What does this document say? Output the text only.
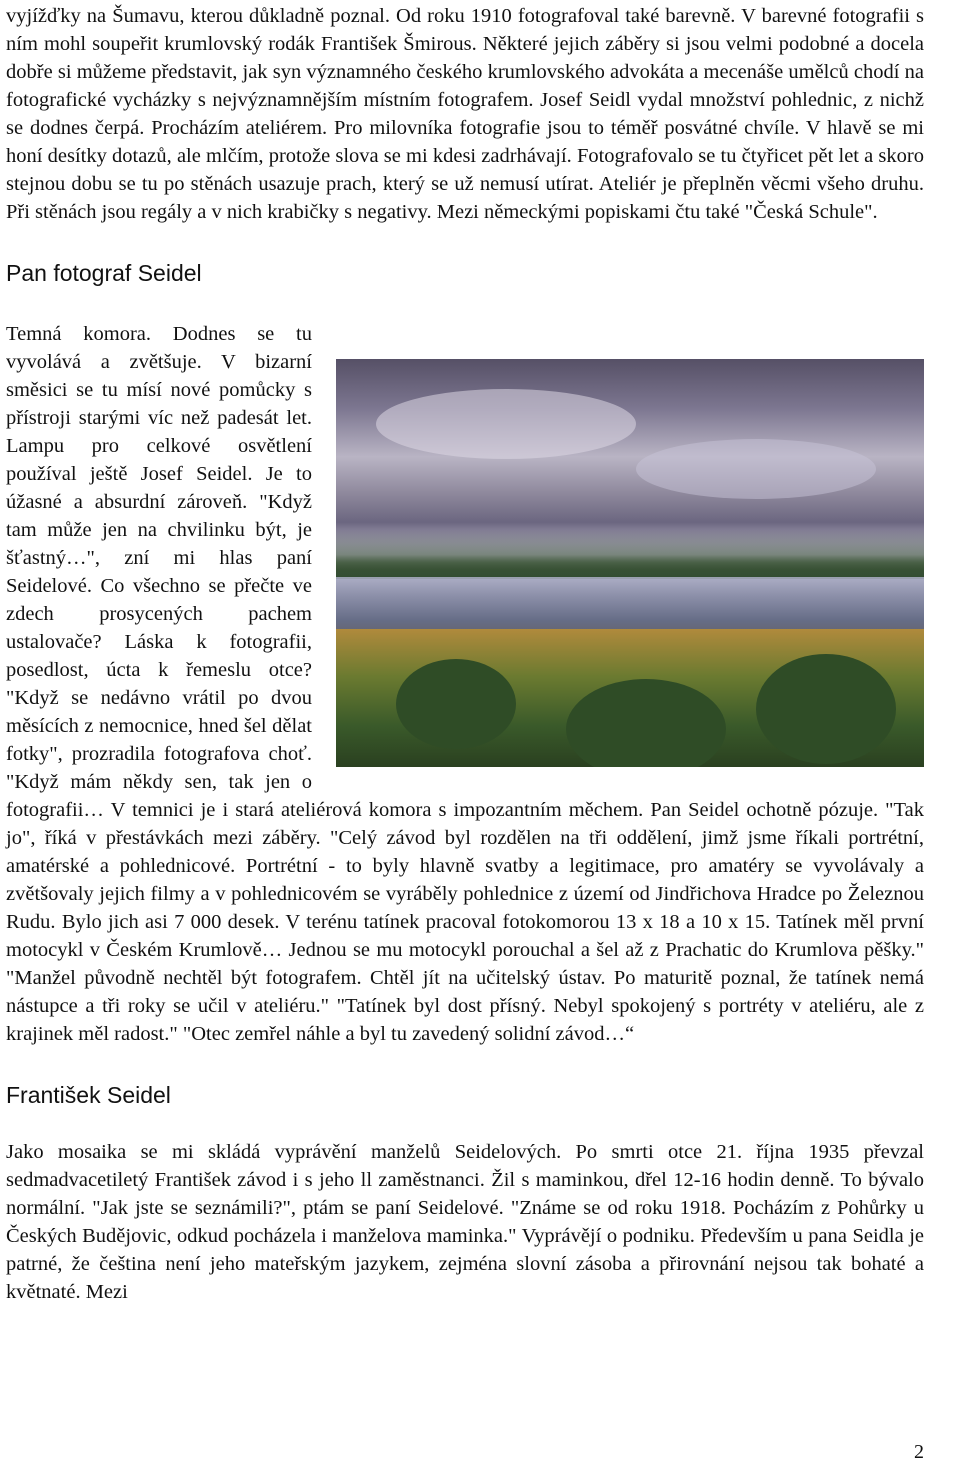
vyjížďky na Šumavu, kterou důkladně poznal. Od roku 1910 fotografoval také barevně. V barevné fotografii s ním mohl soupeřit krumlovský rodák František Šmirous. Některé jejich záběry si jsou velmi podobné a docela dobře si můžeme představit, jak syn významného českého krumlovského advokáta a mecenáše umělců chodí na fotografické vycházky s nejvýznamnějším místním fotografem. Josef Seidl vydal množství pohlednic, z nichž se dodnes čerpá. Procházím ateliérem. Pro milovníka fotografie jsou to téměř posvátné chvíle. V hlavě se mi honí desítky dotazů, ale mlčím, protože slova se mi kdesi zadrhávají. Fotografovalo se tu čtyřicet pět let a skoro stejnou dobu se tu po stěnách usazuje prach, který se už nemusí utírat. Ateliér je přeplněn věcmi všeho druhu. Při stěnách jsou regály a v nich krabičky s negativy. Mezi německými popiskami čtu také "Česká Schule".

Pan fotograf Seidel

Temná komora. Dodnes se tu vyvolává a zvětšuje. V bizarní směsici se tu mísí nové pomůcky s přístroji starými víc než padesát let. Lampu pro celkové osvětlení používal ještě Josef Seidel. Je to úžasné a absurdní zároveň. "Když tam může jen na chvilinku být, je šťastný…", zní mi hlas paní Seidelové. Co všechno se přečte ve zdech prosycených pachem ustalovače? Láska k fotografii, posedlost, úcta k řemeslu otce? "Když se nedávno vrátil po dvou měsících z nemocnice, hned šel dělat fotky", prozradila fotografova choť. "Když mám někdy sen, tak jen o fotografii… V temnici je i stará ateliérová komora s impozantním měchem. Pan Seidel ochotně pózuje. "Tak jo", říká v přestávkách mezi záběry. "Celý závod byl rozdělen na tři oddělení, jimž jsme říkali portrétní, amatérské a pohlednicové. Portrétní - to byly hlavně svatby a legitimace, pro amatéry se vyvolávaly a zvětšovaly jejich filmy a v pohlednicovém se vyráběly pohlednice z území od Jindřichova Hradce po Železnou Rudu. Bylo jich asi 7 000 desek. V terénu tatínek pracoval fotokomorou 13 x 18 a 10 x 15. Tatínek měl první motocykl v Českém Krumlově… Jednou se mu motocykl porouchal a šel až z Prachatic do Krumlova pěšky." "Manžel původně nechtěl být fotografem. Chtěl jít na učitelský ústav. Po maturitě poznal, že tatínek nemá nástupce a tři roky se učil v ateliéru." "Tatínek byl dost přísný. Nebyl spokojený s portréty v ateliéru, ale z krajinek měl radost." "Otec zemřel náhle a byl tu zavedený solidní závod…“

František Seidel

Jako mosaika se mi skládá vyprávění manželů Seidelových. Po smrti otce 21. října 1935 převzal sedmadvacetiletý František závod i s jeho ll zaměstnanci. Žil s maminkou, dřel 12-16 hodin denně. To bývalo normální. "Jak jste se seznámili?", ptám se paní Seidelové. "Známe se od roku 1918. Pocházím z Pohůrky u Českých Budějovic, odkud pocházela i manželova maminka." Vyprávějí o podniku. Především u pana Seidla je patrné, že čeština není jeho mateřským jazykem, zejména slovní zásoba a přirovnání nejsou tak bohaté a květnaté. Mezi

2
